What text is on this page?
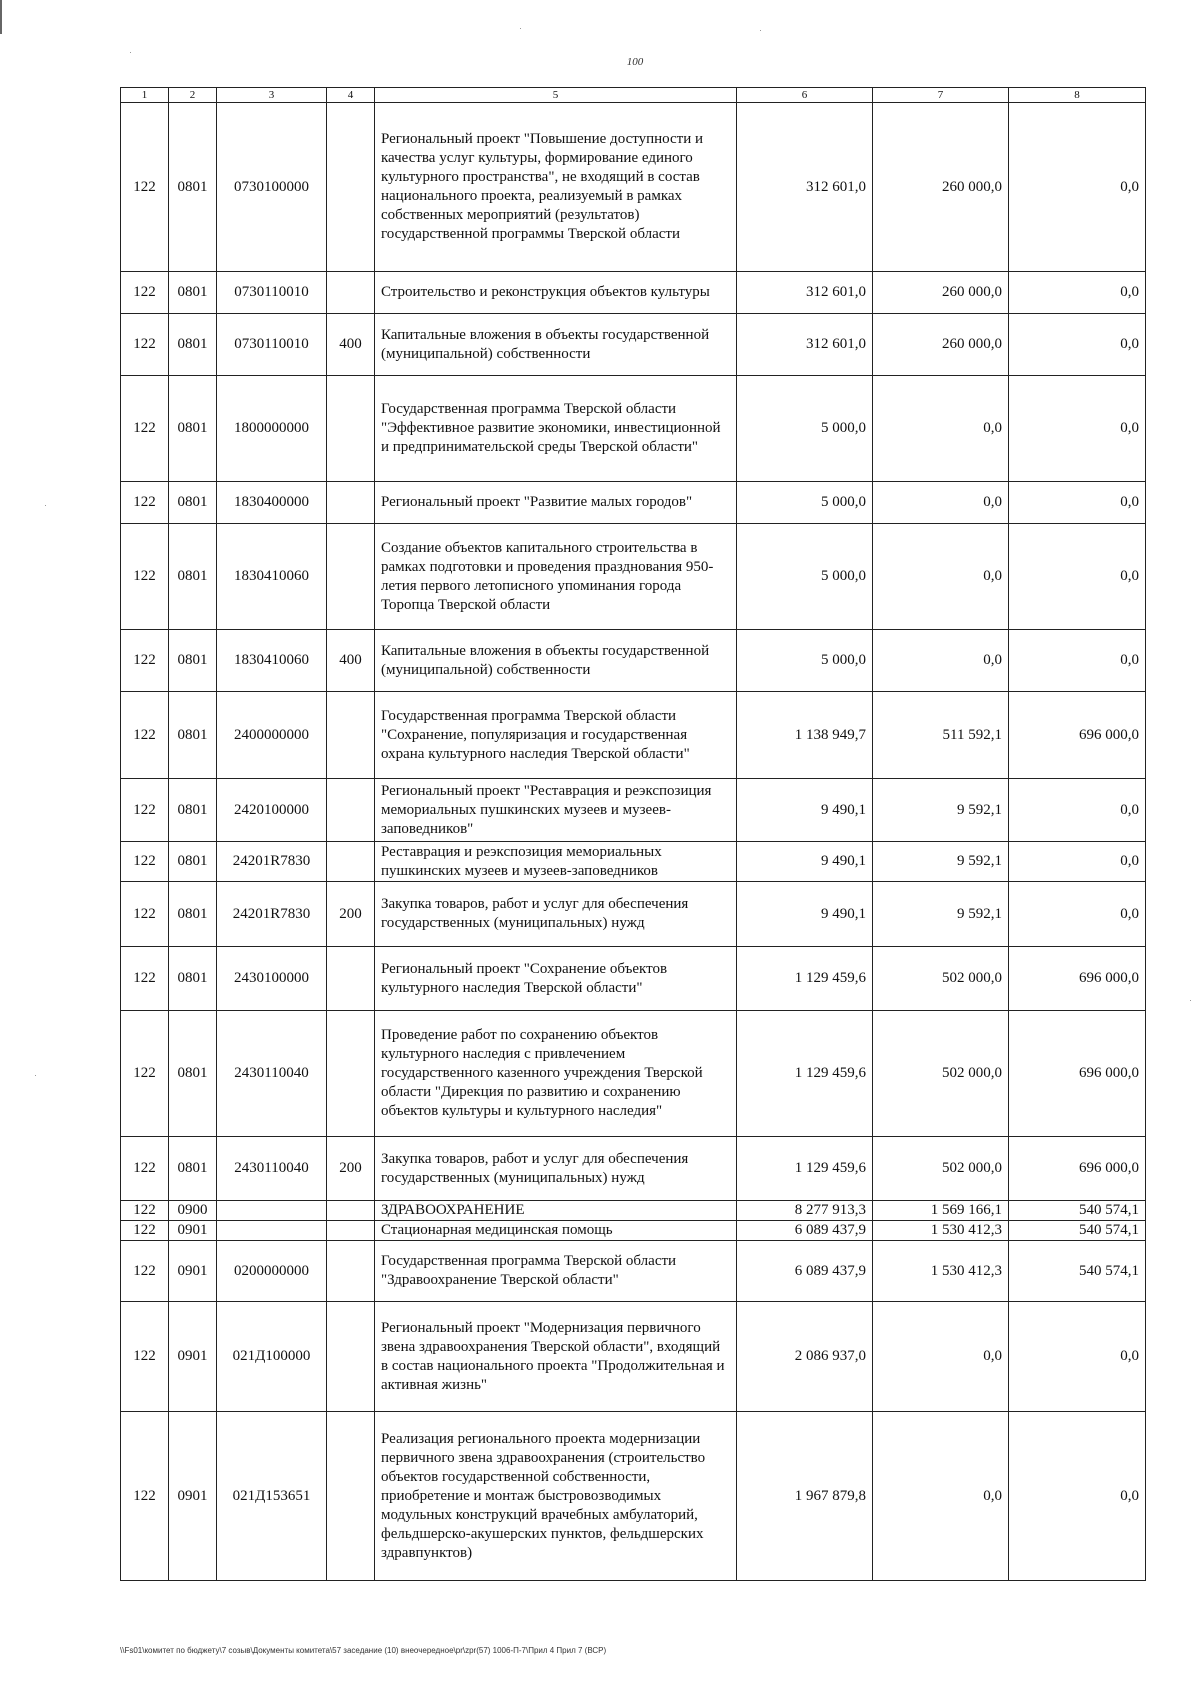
100
1	2	3	4	5	6	7	8
122	0801	0730100000		Региональный проект "Повышение доступности и качества услуг культуры, формирование единого культурного пространства", не входящий в состав национального проекта, реализуемый в рамках собственных мероприятий (результатов) государственной программы Тверской области	312 601,0	260 000,0	0,0
122	0801	0730110010		Строительство и реконструкция объектов культуры	312 601,0	260 000,0	0,0
122	0801	0730110010	400	Капитальные вложения в объекты государственной (муниципальной) собственности	312 601,0	260 000,0	0,0
122	0801	1800000000		Государственная программа Тверской области "Эффективное развитие экономики, инвестиционной и предпринимательской среды Тверской области"	5 000,0	0,0	0,0
122	0801	1830400000		Региональный проект "Развитие малых городов"	5 000,0	0,0	0,0
122	0801	1830410060		Создание объектов капитального строительства в рамках подготовки и проведения празднования 950-летия первого летописного упоминания города Торопца Тверской области	5 000,0	0,0	0,0
122	0801	1830410060	400	Капитальные вложения в объекты государственной (муниципальной) собственности	5 000,0	0,0	0,0
122	0801	2400000000		Государственная программа Тверской области "Сохранение, популяризация и государственная охрана культурного наследия Тверской области"	1 138 949,7	511 592,1	696 000,0
122	0801	2420100000		Региональный проект "Реставрация и реэкспозиция мемориальных пушкинских музеев и музеев-заповедников"	9 490,1	9 592,1	0,0
122	0801	24201R7830		Реставрация и реэкспозиция мемориальных пушкинских музеев и музеев-заповедников	9 490,1	9 592,1	0,0
122	0801	24201R7830	200	Закупка товаров, работ и услуг для обеспечения государственных (муниципальных) нужд	9 490,1	9 592,1	0,0
122	0801	2430100000		Региональный проект "Сохранение объектов культурного наследия Тверской области"	1 129 459,6	502 000,0	696 000,0
122	0801	2430110040		Проведение работ по сохранению объектов культурного наследия с привлечением государственного казенного учреждения Тверской области "Дирекция по развитию и сохранению объектов культуры и культурного наследия"	1 129 459,6	502 000,0	696 000,0
122	0801	2430110040	200	Закупка товаров, работ и услуг для обеспечения государственных (муниципальных) нужд	1 129 459,6	502 000,0	696 000,0
122	0900			ЗДРАВООХРАНЕНИЕ	8 277 913,3	1 569 166,1	540 574,1
122	0901			Стационарная медицинская помощь	6 089 437,9	1 530 412,3	540 574,1
122	0901	0200000000		Государственная программа Тверской области "Здравоохранение Тверской области"	6 089 437,9	1 530 412,3	540 574,1
122	0901	021Д100000		Региональный проект "Модернизация первичного звена здравоохранения Тверской области", входящий в состав национального проекта "Продолжительная и активная жизнь"	2 086 937,0	0,0	0,0
122	0901	021Д153651		Реализация регионального проекта модернизации первичного звена здравоохранения (строительство объектов государственной собственности, приобретение и монтаж быстровозводимых модульных конструкций врачебных амбулаторий, фельдшерско-акушерских пунктов, фельдшерских здравпунктов)	1 967 879,8	0,0	0,0
\\Fs01\комитет по бюджету\7 созыв\Документы комитета\57 заседание (10) внеочередное\pr\zpr(57) 1006-П-7\Прил 4 Прил 7 (ВСР)
